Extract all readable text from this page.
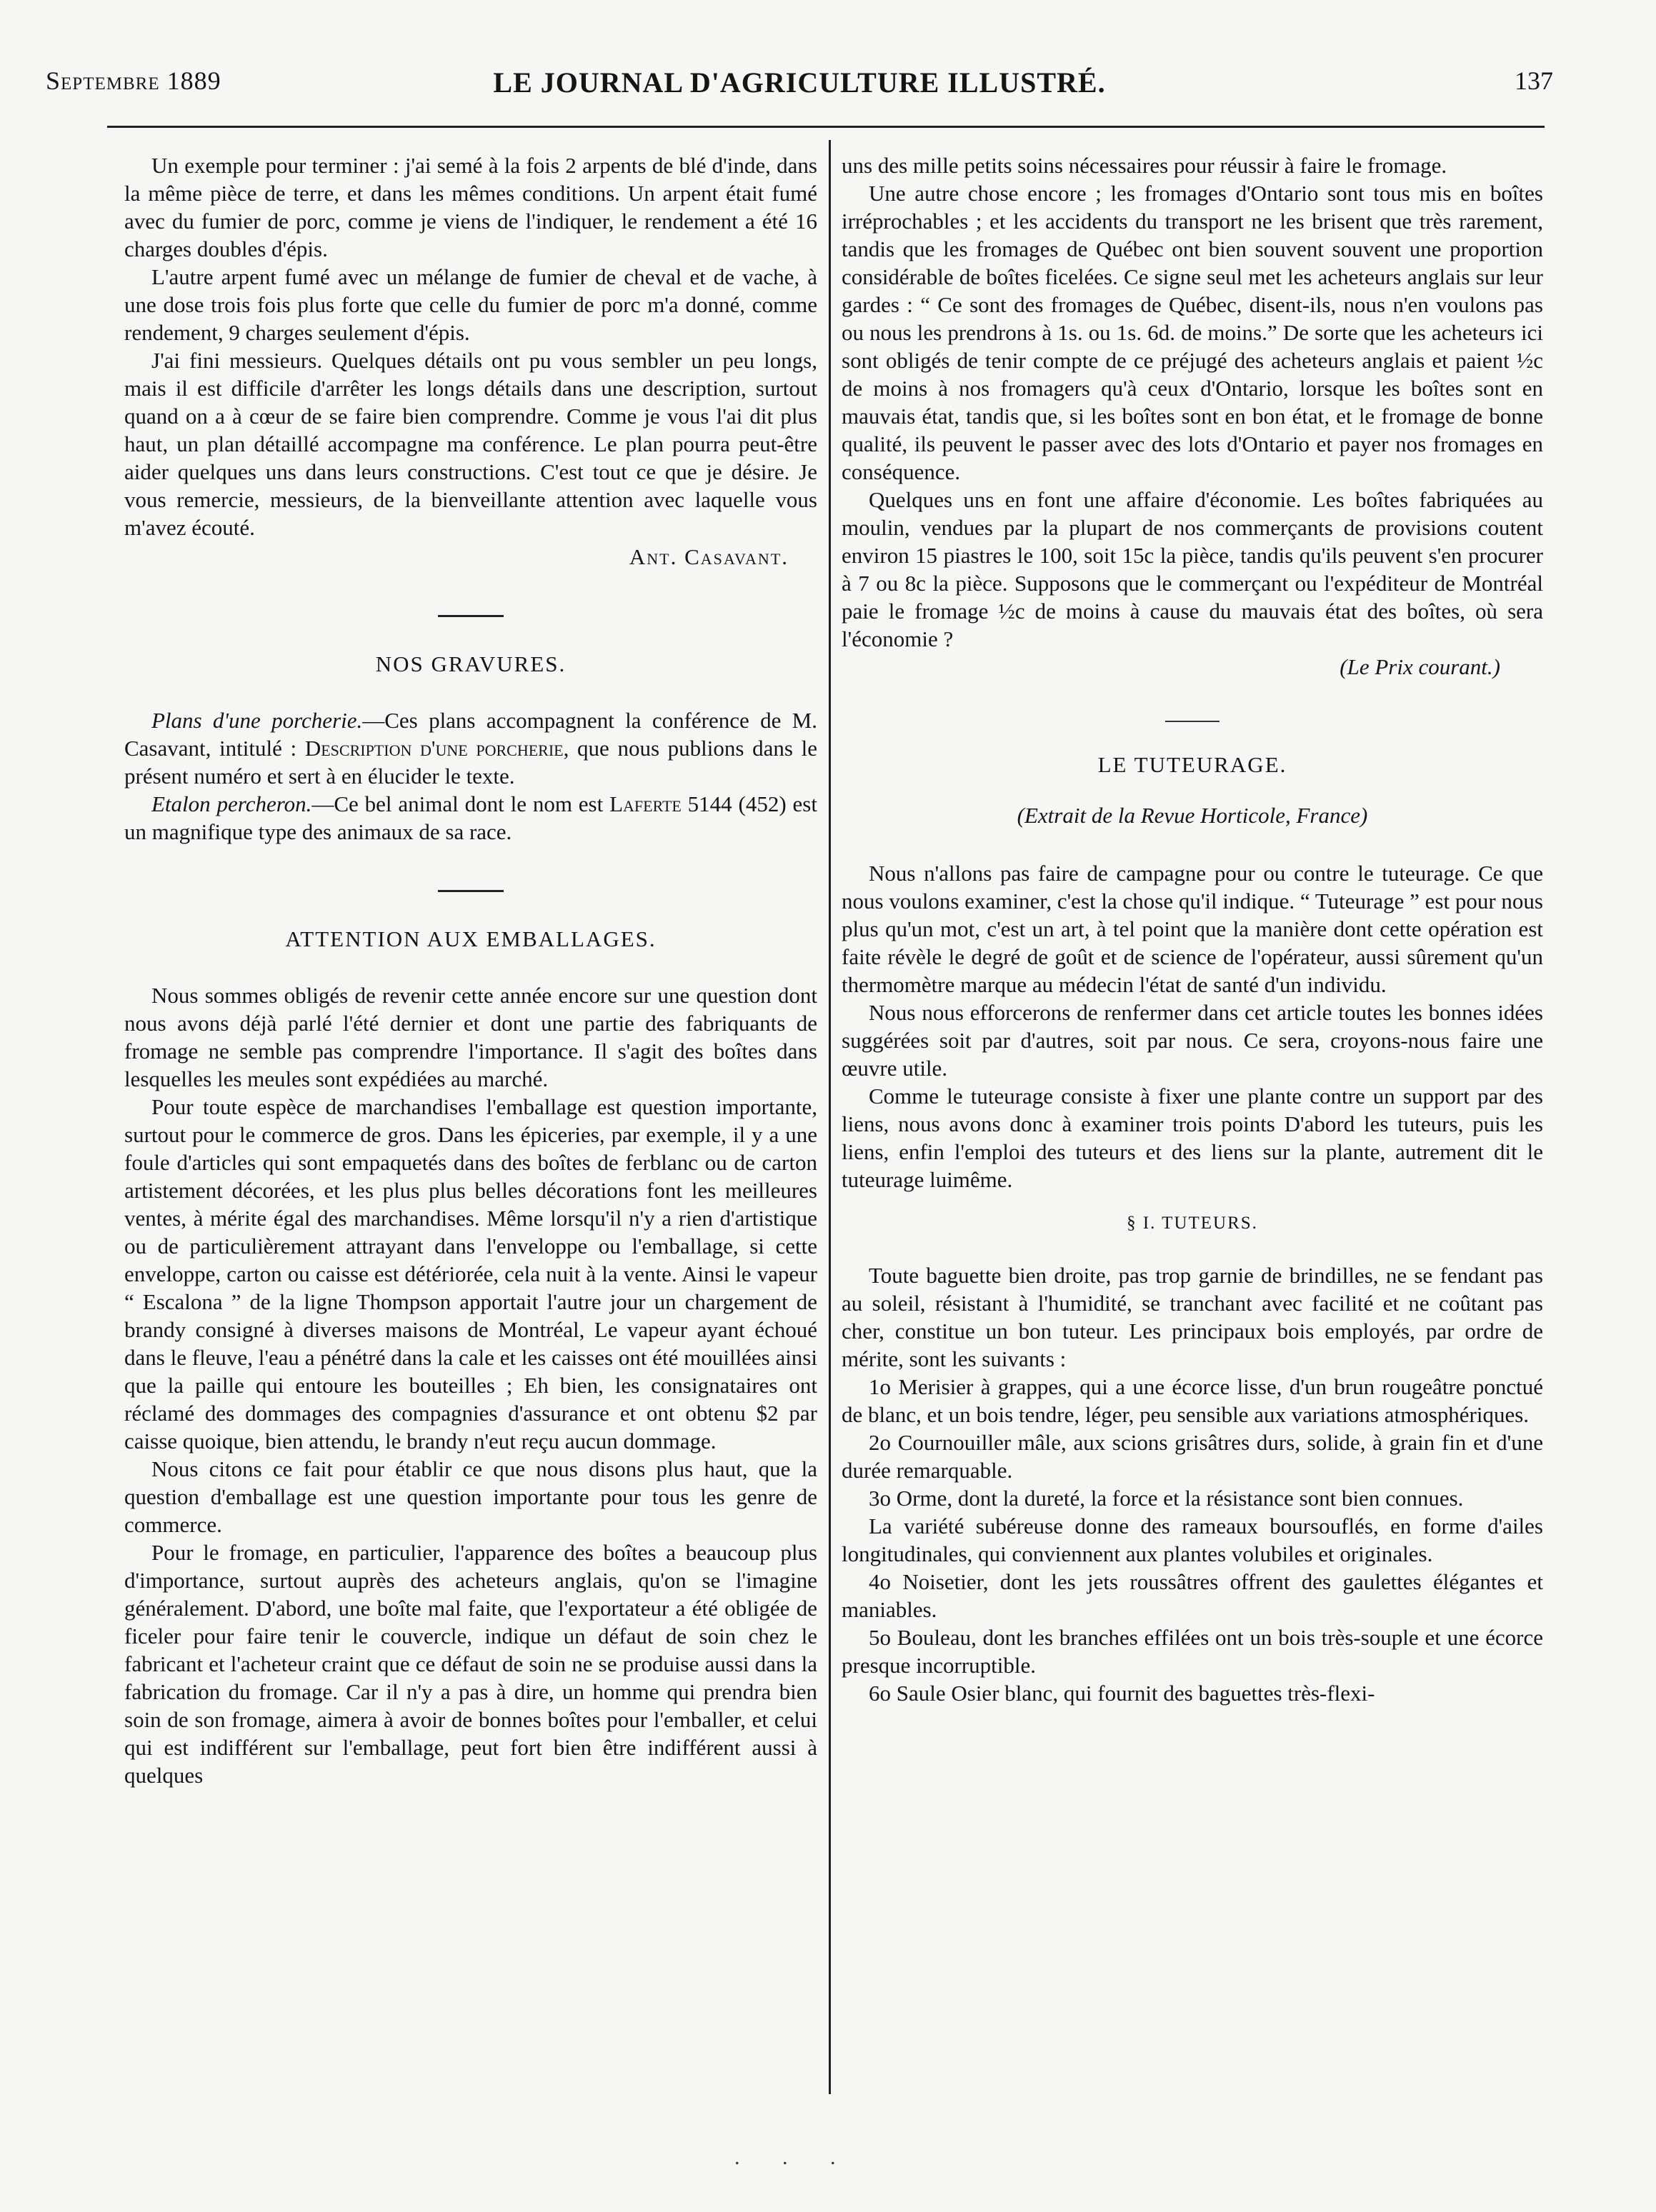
Septembre 1889	LE JOURNAL D'AGRICULTURE ILLUSTRÉ.	137

Un exemple pour terminer : j'ai semé à la fois 2 arpents de blé d'inde, dans la même pièce de terre, et dans les mêmes conditions. Un arpent était fumé avec du fumier de porc, comme je viens de l'indiquer, le rendement a été 16 charges doubles d'épis.

L'autre arpent fumé avec un mélange de fumier de cheval et de vache, à une dose trois fois plus forte que celle du fumier de porc m'a donné, comme rendement, 9 charges seulement d'épis.

J'ai fini messieurs. Quelques détails ont pu vous sembler un peu longs, mais il est difficile d'arrêter les longs détails dans une description, surtout quand on a à cœur de se faire bien comprendre. Comme je vous l'ai dit plus haut, un plan détaillé accompagne ma conférence. Le plan pourra peut-être aider quelques uns dans leurs constructions. C'est tout ce que je désire. Je vous remercie, messieurs, de la bienveillante attention avec laquelle vous m'avez écouté.

Ant. Casavant.
NOS GRAVURES.

Plans d'une porcherie.—Ces plans accompagnent la conférence de M. Casavant, intitulé : Description d'une porcherie, que nous publions dans le présent numéro et sert à en élucider le texte.

Etalon percheron.—Ce bel animal dont le nom est Laferte 5144 (452) est un magnifique type des animaux de sa race.

ATTENTION AUX EMBALLAGES.

Nous sommes obligés de revenir cette année encore sur une question dont nous avons déjà parlé l'été dernier et dont une partie des fabriquants de fromage ne semble pas comprendre l'importance. Il s'agit des boîtes dans lesquelles les meules sont expédiées au marché.

Pour toute espèce de marchandises l'emballage est question importante, surtout pour le commerce de gros. Dans les épiceries, par exemple, il y a une foule d'articles qui sont empaquetés dans des boîtes de ferblanc ou de carton artistement décorées, et les plus plus belles décorations font les meilleures ventes, à mérite égal des marchandises. Même lorsqu'il n'y a rien d'artistique ou de particulièrement attrayant dans l'enveloppe ou l'emballage, si cette enveloppe, carton ou caisse est détériorée, cela nuit à la vente. Ainsi le vapeur “ Escalona ” de la ligne Thompson apportait l'autre jour un chargement de brandy consigné à diverses maisons de Montréal, Le vapeur ayant échoué dans le fleuve, l'eau a pénétré dans la cale et les caisses ont été mouillées ainsi que la paille qui entoure les bouteilles ; Eh bien, les consignataires ont réclamé des dommages des compagnies d'assurance et ont obtenu $2 par caisse quoique, bien attendu, le brandy n'eut reçu aucun dommage.

Nous citons ce fait pour établir ce que nous disons plus haut, que la question d'emballage est une question importante pour tous les genre de commerce.

Pour le fromage, en particulier, l'apparence des boîtes a beaucoup plus d'importance, surtout auprès des acheteurs anglais, qu'on se l'imagine généralement. D'abord, une boîte mal faite, que l'exportateur a été obligée de ficeler pour faire tenir le couvercle, indique un défaut de soin chez le fabricant et l'acheteur craint que ce défaut de soin ne se produise aussi dans la fabrication du fromage. Car il n'y a pas à dire, un homme qui prendra bien soin de son fromage, aimera à avoir de bonnes boîtes pour l'emballer, et celui qui est indifférent sur l'emballage, peut fort bien être indifférent aussi à quelques

uns des mille petits soins nécessaires pour réussir à faire le fromage.

Une autre chose encore ; les fromages d'Ontario sont tous mis en boîtes irréprochables ; et les accidents du transport ne les brisent que très rarement, tandis que les fromages de Québec ont bien souvent souvent une proportion considérable de boîtes ficelées. Ce signe seul met les acheteurs anglais sur leur gardes : “ Ce sont des fromages de Québec, disent-ils, nous n'en voulons pas ou nous les prendrons à 1s. ou 1s. 6d. de moins.” De sorte que les acheteurs ici sont obligés de tenir compte de ce préjugé des acheteurs anglais et paient ½c de moins à nos fromagers qu'à ceux d'Ontario, lorsque les boîtes sont en mauvais état, tandis que, si les boîtes sont en bon état, et le fromage de bonne qualité, ils peuvent le passer avec des lots d'Ontario et payer nos fromages en conséquence.

Quelques uns en font une affaire d'économie. Les boîtes fabriquées au moulin, vendues par la plupart de nos commerçants de provisions coutent environ 15 piastres le 100, soit 15c la pièce, tandis qu'ils peuvent s'en procurer à 7 ou 8c la pièce. Supposons que le commerçant ou l'expéditeur de Montréal paie le fromage ½c de moins à cause du mauvais état des boîtes, où sera l'économie ?

(Le Prix courant.)
LE TUTEURAGE.
(Extrait de la Revue Horticole, France)

Nous n'allons pas faire de campagne pour ou contre le tuteurage. Ce que nous voulons examiner, c'est la chose qu'il indique. “ Tuteurage ” est pour nous plus qu'un mot, c'est un art, à tel point que la manière dont cette opération est faite révèle le degré de goût et de science de l'opérateur, aussi sûrement qu'un thermomètre marque au médecin l'état de santé d'un individu.

Nous nous efforcerons de renfermer dans cet article toutes les bonnes idées suggérées soit par d'autres, soit par nous. Ce sera, croyons-nous faire une œuvre utile.

Comme le tuteurage consiste à fixer une plante contre un support par des liens, nous avons donc à examiner trois points D'abord les tuteurs, puis les liens, enfin l'emploi des tuteurs et des liens sur la plante, autrement dit le tuteurage luimême.

§ I. TUTEURS.

Toute baguette bien droite, pas trop garnie de brindilles, ne se fendant pas au soleil, résistant à l'humidité, se tranchant avec facilité et ne coûtant pas cher, constitue un bon tuteur. Les principaux bois employés, par ordre de mérite, sont les suivants :

1o Merisier à grappes, qui a une écorce lisse, d'un brun rougeâtre ponctué de blanc, et un bois tendre, léger, peu sensible aux variations atmosphériques.

2o Cournouiller mâle, aux scions grisâtres durs, solide, à grain fin et d'une durée remarquable.

3o Orme, dont la dureté, la force et la résistance sont bien connues.

La variété subéreuse donne des rameaux boursouflés, en forme d'ailes longitudinales, qui conviennent aux plantes volubiles et originales.

4o Noisetier, dont les jets roussâtres offrent des gaulettes élégantes et maniables.

5o Bouleau, dont les branches effilées ont un bois très-souple et une écorce presque incorruptible.

6o Saule Osier blanc, qui fournit des baguettes très-flexi-

. . .
